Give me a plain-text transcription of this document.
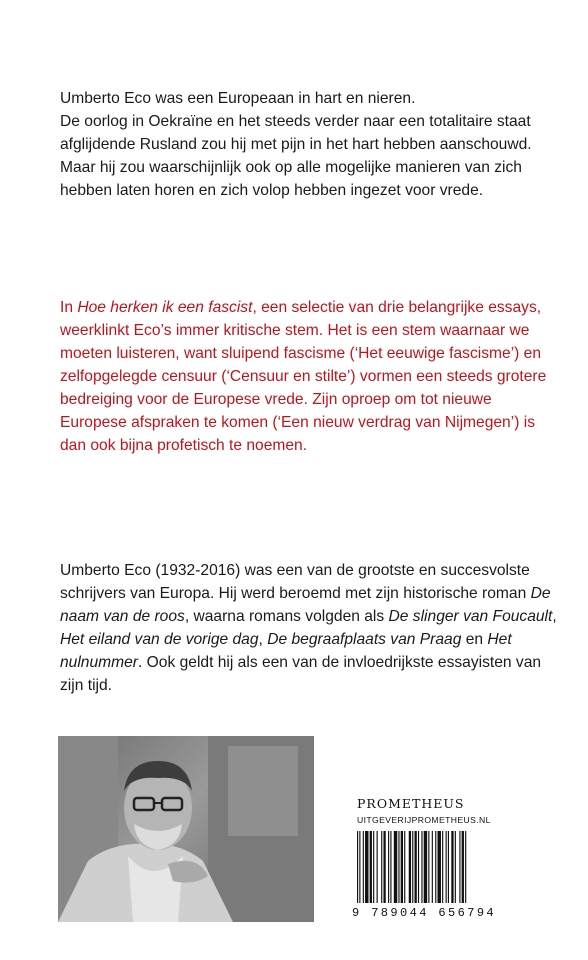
Umberto Eco was een Europeaan in hart en nieren.

De oorlog in Oekraïne en het steeds verder naar een totalitaire staat afglijdende Rusland zou hij met pijn in het hart hebben aanschouwd. Maar hij zou waarschijnlijk ook op alle mogelijke manieren van zich hebben laten horen en zich volop hebben ingezet voor vrede.

In Hoe herken ik een fascist, een selectie van drie belangrijke essays, weerklinkt Eco’s immer kritische stem. Het is een stem waarnaar we moeten luisteren, want sluipend fascisme (‘Het eeuwige fascisme’) en zelfopgelegde censuur (‘Censuur en stilte’) vormen een steeds grotere bedreiging voor de Europese vrede. Zijn oproep om tot nieuwe Europese afspraken te komen (‘Een nieuw verdrag van Nijmegen’) is dan ook bijna profetisch te noemen.

Umberto Eco (1932-2016) was een van de grootste en succesvolste schrijvers van Europa. Hij werd beroemd met zijn historische roman De naam van de roos, waarna romans volgden als De slinger van Foucault, Het eiland van de vorige dag, De begraafplaats van Praag en Het nulnummer. Ook geldt hij als een van de invloedrijkste essayisten van zijn tijd.

PROMETHEUS
UITGEVERIJPROMETHEUS.NL
9 789044 656794
